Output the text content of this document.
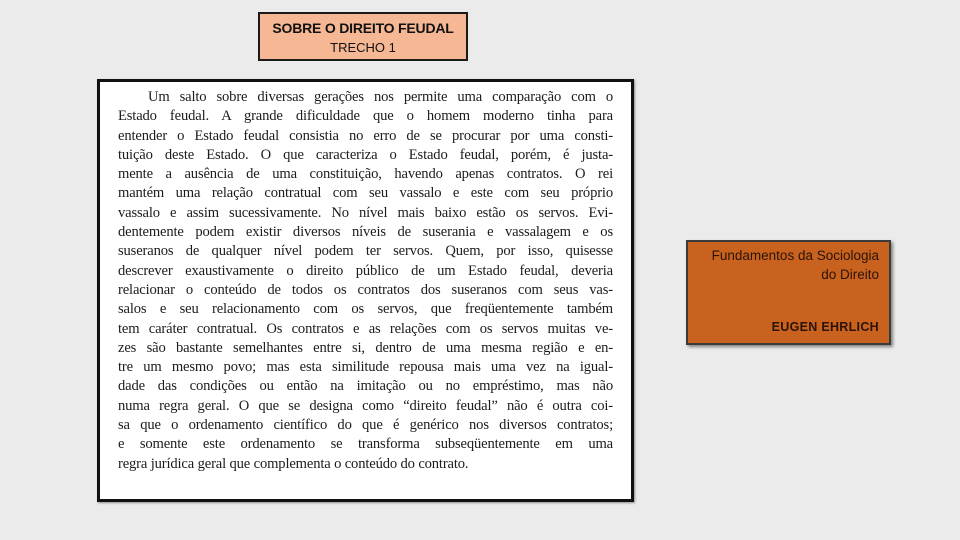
SOBRE O DIREITO FEUDAL
TRECHO 1

Um salto sobre diversas gerações nos permite uma comparação com o
Estado feudal. A grande dificuldade que o homem moderno tinha para
entender o Estado feudal consistia no erro de se procurar por uma consti-
tuição deste Estado. O que caracteriza o Estado feudal, porém, é justa-
mente a ausência de uma constituição, havendo apenas contratos. O rei
mantém uma relação contratual com seu vassalo e este com seu próprio
vassalo e assim sucessivamente. No nível mais baixo estão os servos. Evi-
dentemente podem existir diversos níveis de suserania e vassalagem e os
suseranos de qualquer nível podem ter servos. Quem, por isso, quisesse
descrever exaustivamente o direito público de um Estado feudal, deveria
relacionar o conteúdo de todos os contratos dos suseranos com seus vas-
salos e seu relacionamento com os servos, que freqüentemente também
tem caráter contratual. Os contratos e as relações com os servos muitas ve-
zes são bastante semelhantes entre si, dentro de uma mesma região e en-
tre um mesmo povo; mas esta similitude repousa mais uma vez na igual-
dade das condições ou então na imitação ou no empréstimo, mas não
numa regra geral. O que se designa como “direito feudal” não é outra coi-
sa que o ordenamento científico do que é genérico nos diversos contratos;
e somente este ordenamento se transforma subseqüentemente em uma
regra jurídica geral que complementa o conteúdo do contrato.

Fundamentos da Sociologia
do Direito
EUGEN EHRLICH
